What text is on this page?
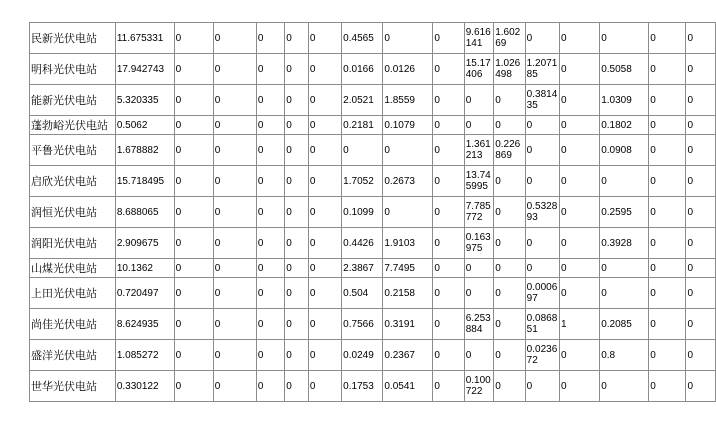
民新光伏电站	11.675331	0	0	0	0	0	0.4565	0	0	9.616141	1.60269	0	0	0	0	0
明科光伏电站	17.942743	0	0	0	0	0	0.0166	0.0126	0	15.17406	1.026498	1.207185	0	0.5058	0	0
能新光伏电站	5.320335	0	0	0	0	0	2.0521	1.8559	0	0	0	0.381435	0	1.0309	0	0
蓬勃峪光伏电站	0.5062	0	0	0	0	0	0.2181	0.1079	0	0	0	0	0	0.1802	0	0
平鲁光伏电站	1.678882	0	0	0	0	0	0	0	0	1.361213	0.226869	0	0	0.0908	0	0
启欣光伏电站	15.718495	0	0	0	0	0	1.7052	0.2673	0	13.745995	0	0	0	0	0	0
润恒光伏电站	8.688065	0	0	0	0	0	0.1099	0	0	7.785772	0	0.532893	0	0.2595	0	0
润阳光伏电站	2.909675	0	0	0	0	0	0.4426	1.9103	0	0.163975	0	0	0	0.3928	0	0
山煤光伏电站	10.1362	0	0	0	0	0	2.3867	7.7495	0	0	0	0	0	0	0	0
上田光伏电站	0.720497	0	0	0	0	0	0.504	0.2158	0	0	0	0.000697	0	0	0	0
尚佳光伏电站	8.624935	0	0	0	0	0	0.7566	0.3191	0	6.253884	0	0.086851	1	0.2085	0	0
盛洋光伏电站	1.085272	0	0	0	0	0	0.0249	0.2367	0	0	0	0.023672	0	0.8	0	0
世华光伏电站	0.330122	0	0	0	0	0	0.1753	0.0541	0	0.100722	0	0	0	0	0	0
